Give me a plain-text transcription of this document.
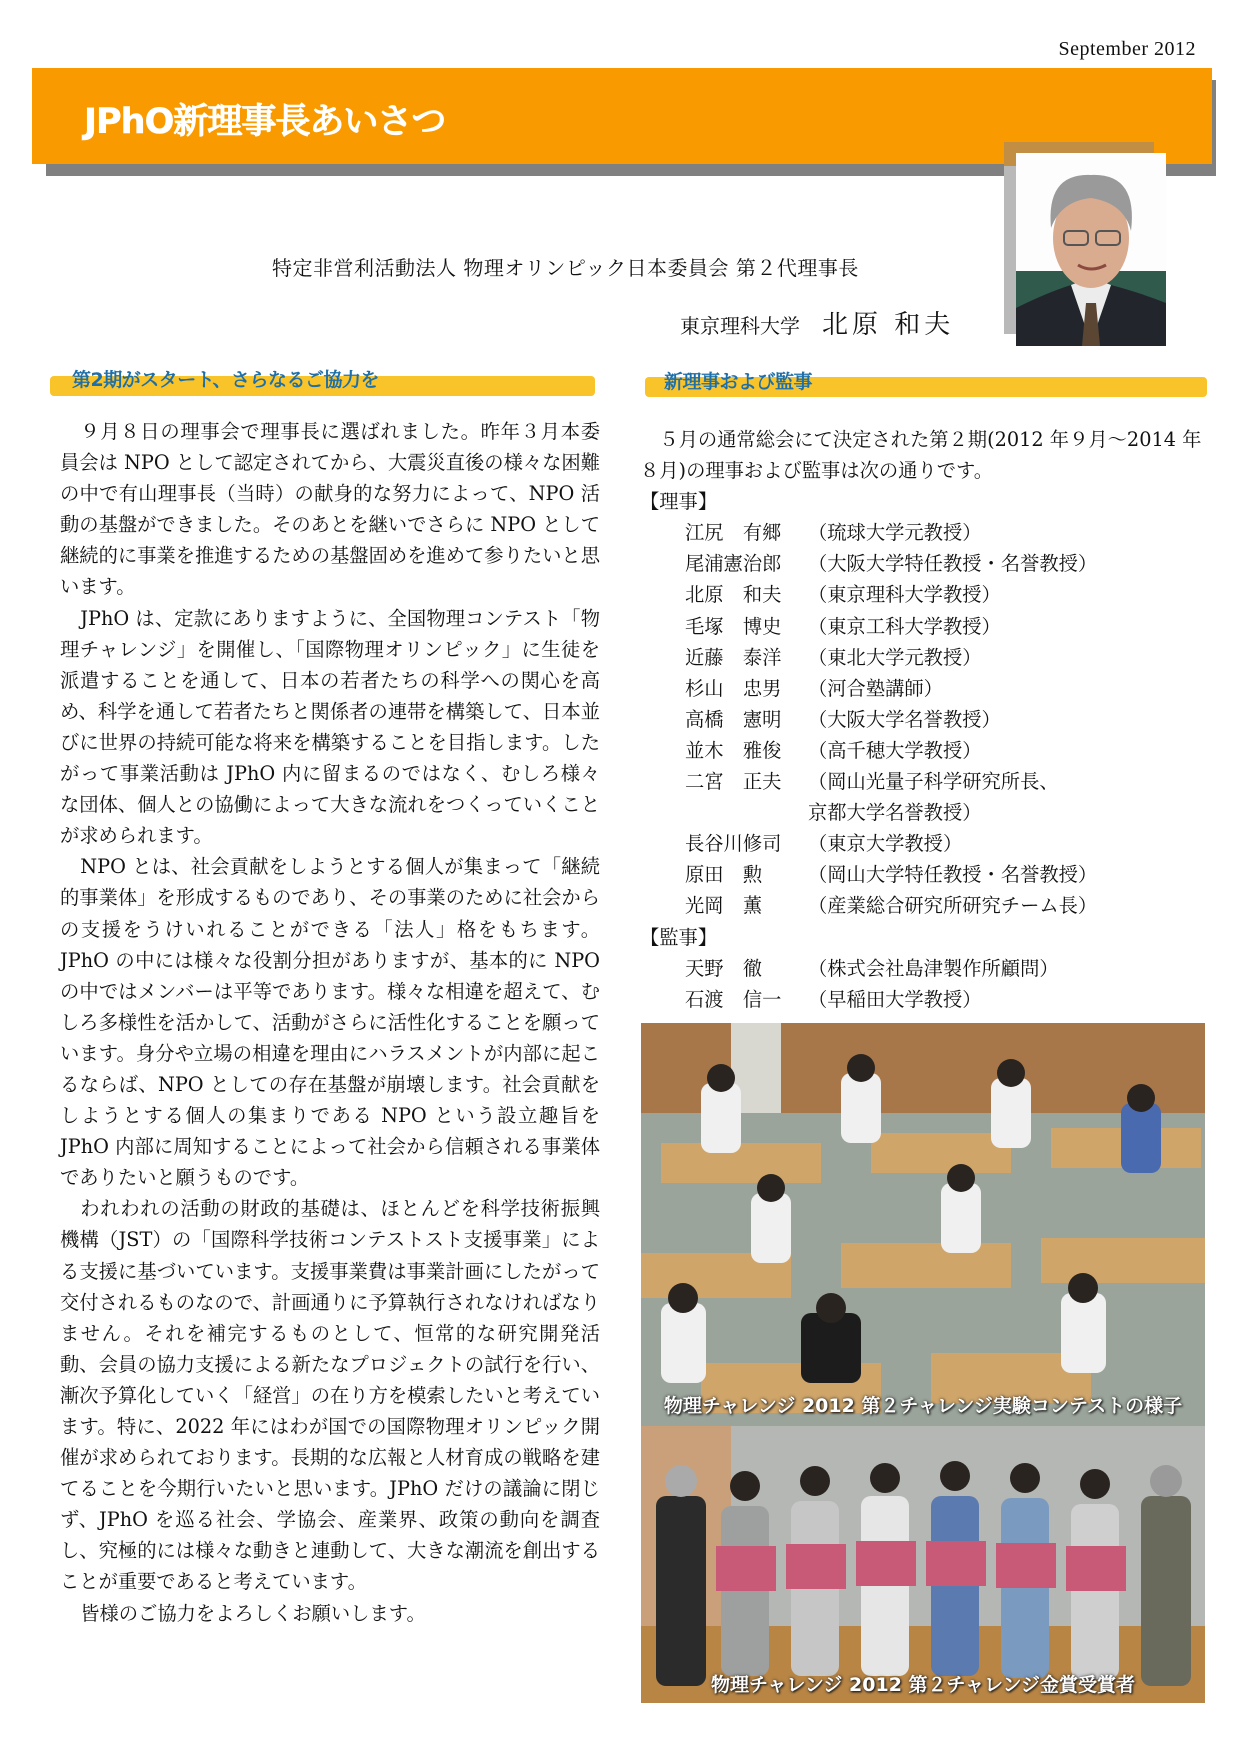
September 2012
JPhO新理事長あいさつ
特定非営利活動法人 物理オリンピック日本委員会 第２代理事長
東京理科大学 北原 和夫
第2期がスタート、さらなるご協力を	新理事および監事

９月８日の理事会で理事長に選ばれました。昨年３月本委員会は NPO として認定されてから、大震災直後の様々な困難の中で有山理事長（当時）の献身的な努力によって、NPO 活動の基盤ができました。そのあとを継いでさらに NPO として継続的に事業を推進するための基盤固めを進めて参りたいと思います。

JPhO は、定款にありますように、全国物理コンテスト「物理チャレンジ」を開催し、「国際物理オリンピック」に生徒を派遣することを通して、日本の若者たちの科学への関心を高め、科学を通して若者たちと関係者の連帯を構築して、日本並びに世界の持続可能な将来を構築することを目指します。したがって事業活動は JPhO 内に留まるのではなく、むしろ様々な団体、個人との協働によって大きな流れをつくっていくことが求められます。

NPO とは、社会貢献をしようとする個人が集まって「継続的事業体」を形成するものであり、その事業のために社会からの支援をうけいれることができる「法人」格をもちます。JPhO の中には様々な役割分担がありますが、基本的に NPO の中ではメンバーは平等であります。様々な相違を超えて、むしろ多様性を活かして、活動がさらに活性化することを願っています。身分や立場の相違を理由にハラスメントが内部に起こるならば、NPO としての存在基盤が崩壊します。社会貢献をしようとする個人の集まりである NPO という設立趣旨を JPhO 内部に周知することによって社会から信頼される事業体でありたいと願うものです。

われわれの活動の財政的基礎は、ほとんどを科学技術振興機構（JST）の「国際科学技術コンテストスト支援事業」による支援に基づいています。支援事業費は事業計画にしたがって交付されるものなので、計画通りに予算執行されなければなりません。それを補完するものとして、恒常的な研究開発活動、会員の協力支援による新たなプロジェクトの試行を行い、漸次予算化していく「経営」の在り方を模索したいと考えています。特に、2022 年にはわが国での国際物理オリンピック開催が求められております。長期的な広報と人材育成の戦略を建てることを今期行いたいと思います。JPhO だけの議論に閉じず、JPhO を巡る社会、学協会、産業界、政策の動向を調査し、究極的には様々な動きと連動して、大きな潮流を創出することが重要であると考えています。

皆様のご協力をよろしくお願いします。

５月の通常総会にて決定された第２期(2012 年９月～2014 年８月)の理事および監事は次の通りです。

【理事】

江尻　有郷	（琉球大学元教授）
尾浦憲治郎	（大阪大学特任教授・名誉教授）
北原　和夫	（東京理科大学教授）
毛塚　博史	（東京工科大学教授）
近藤　泰洋	（東北大学元教授）
杉山　忠男	（河合塾講師）
高橋　憲明	（大阪大学名誉教授）
並木　雅俊	（高千穂大学教授）
二宮　正夫	（岡山光量子科学研究所長、
京都大学名誉教授）
長谷川修司	（東京大学教授）
原田　勲	（岡山大学特任教授・名誉教授）
光岡　薫	（産業総合研究所研究チーム長）

【監事】

天野　徹	（株式会社島津製作所顧問）
石渡　信一	（早稲田大学教授）
物理チャレンジ 2012 第２チャレンジ実験コンテストの様子
物理チャレンジ 2012 第２チャレンジ金賞受賞者
